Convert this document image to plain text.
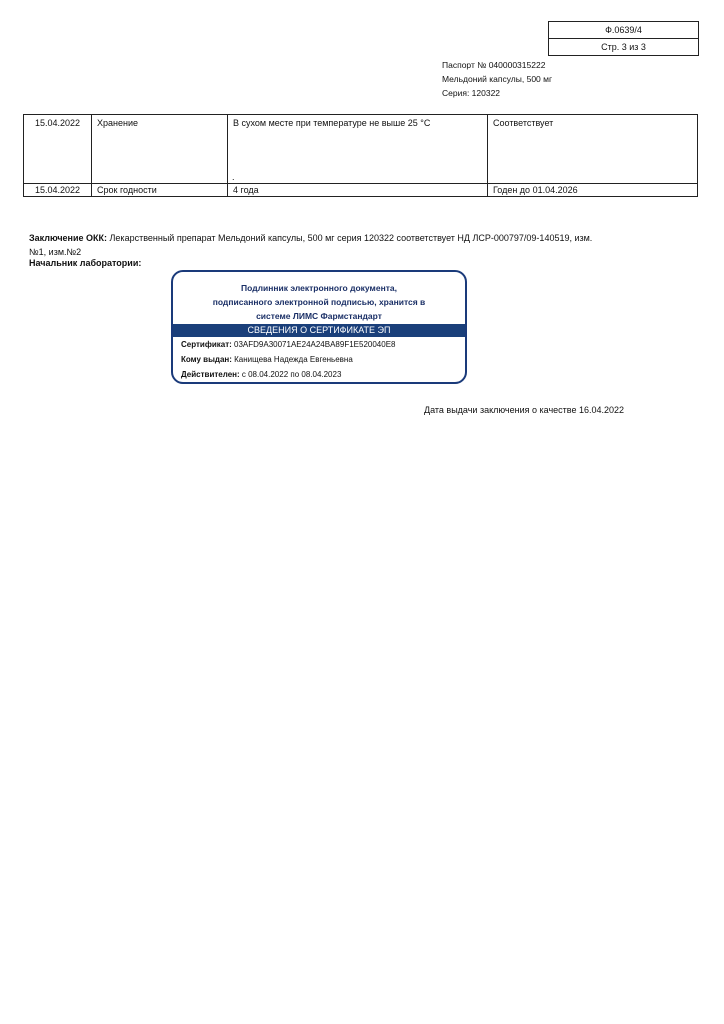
Ф.0639/4
Стр. 3 из 3
Паспорт № 040000315222
Мельдоний капсулы, 500 мг
Серия: 120322
15.04.2022	Хранение	В сухом месте при температуре не выше 25 °С	Соответствует
15.04.2022	Срок годности	4 года	Годен до 01.04.2026
.
Заключение ОКК: Лекарственный препарат Мельдоний капсулы, 500 мг серия 120322 соответствует НД ЛСР-000797/09-140519, изм.№1, изм.№2
Начальник лаборатории:
Подлинник электронного документа,
подписанного электронной подписью, хранится в
системе ЛИМС Фармстандарт
СВЕДЕНИЯ О СЕРТИФИКАТЕ ЭП
Сертификат: 03AFD9A30071AE24A24BA89F1E520040E8
Кому выдан: Канищева Надежда Евгеньевна
Действителен: с 08.04.2022 по 08.04.2023
Дата выдачи заключения о качестве 16.04.2022
